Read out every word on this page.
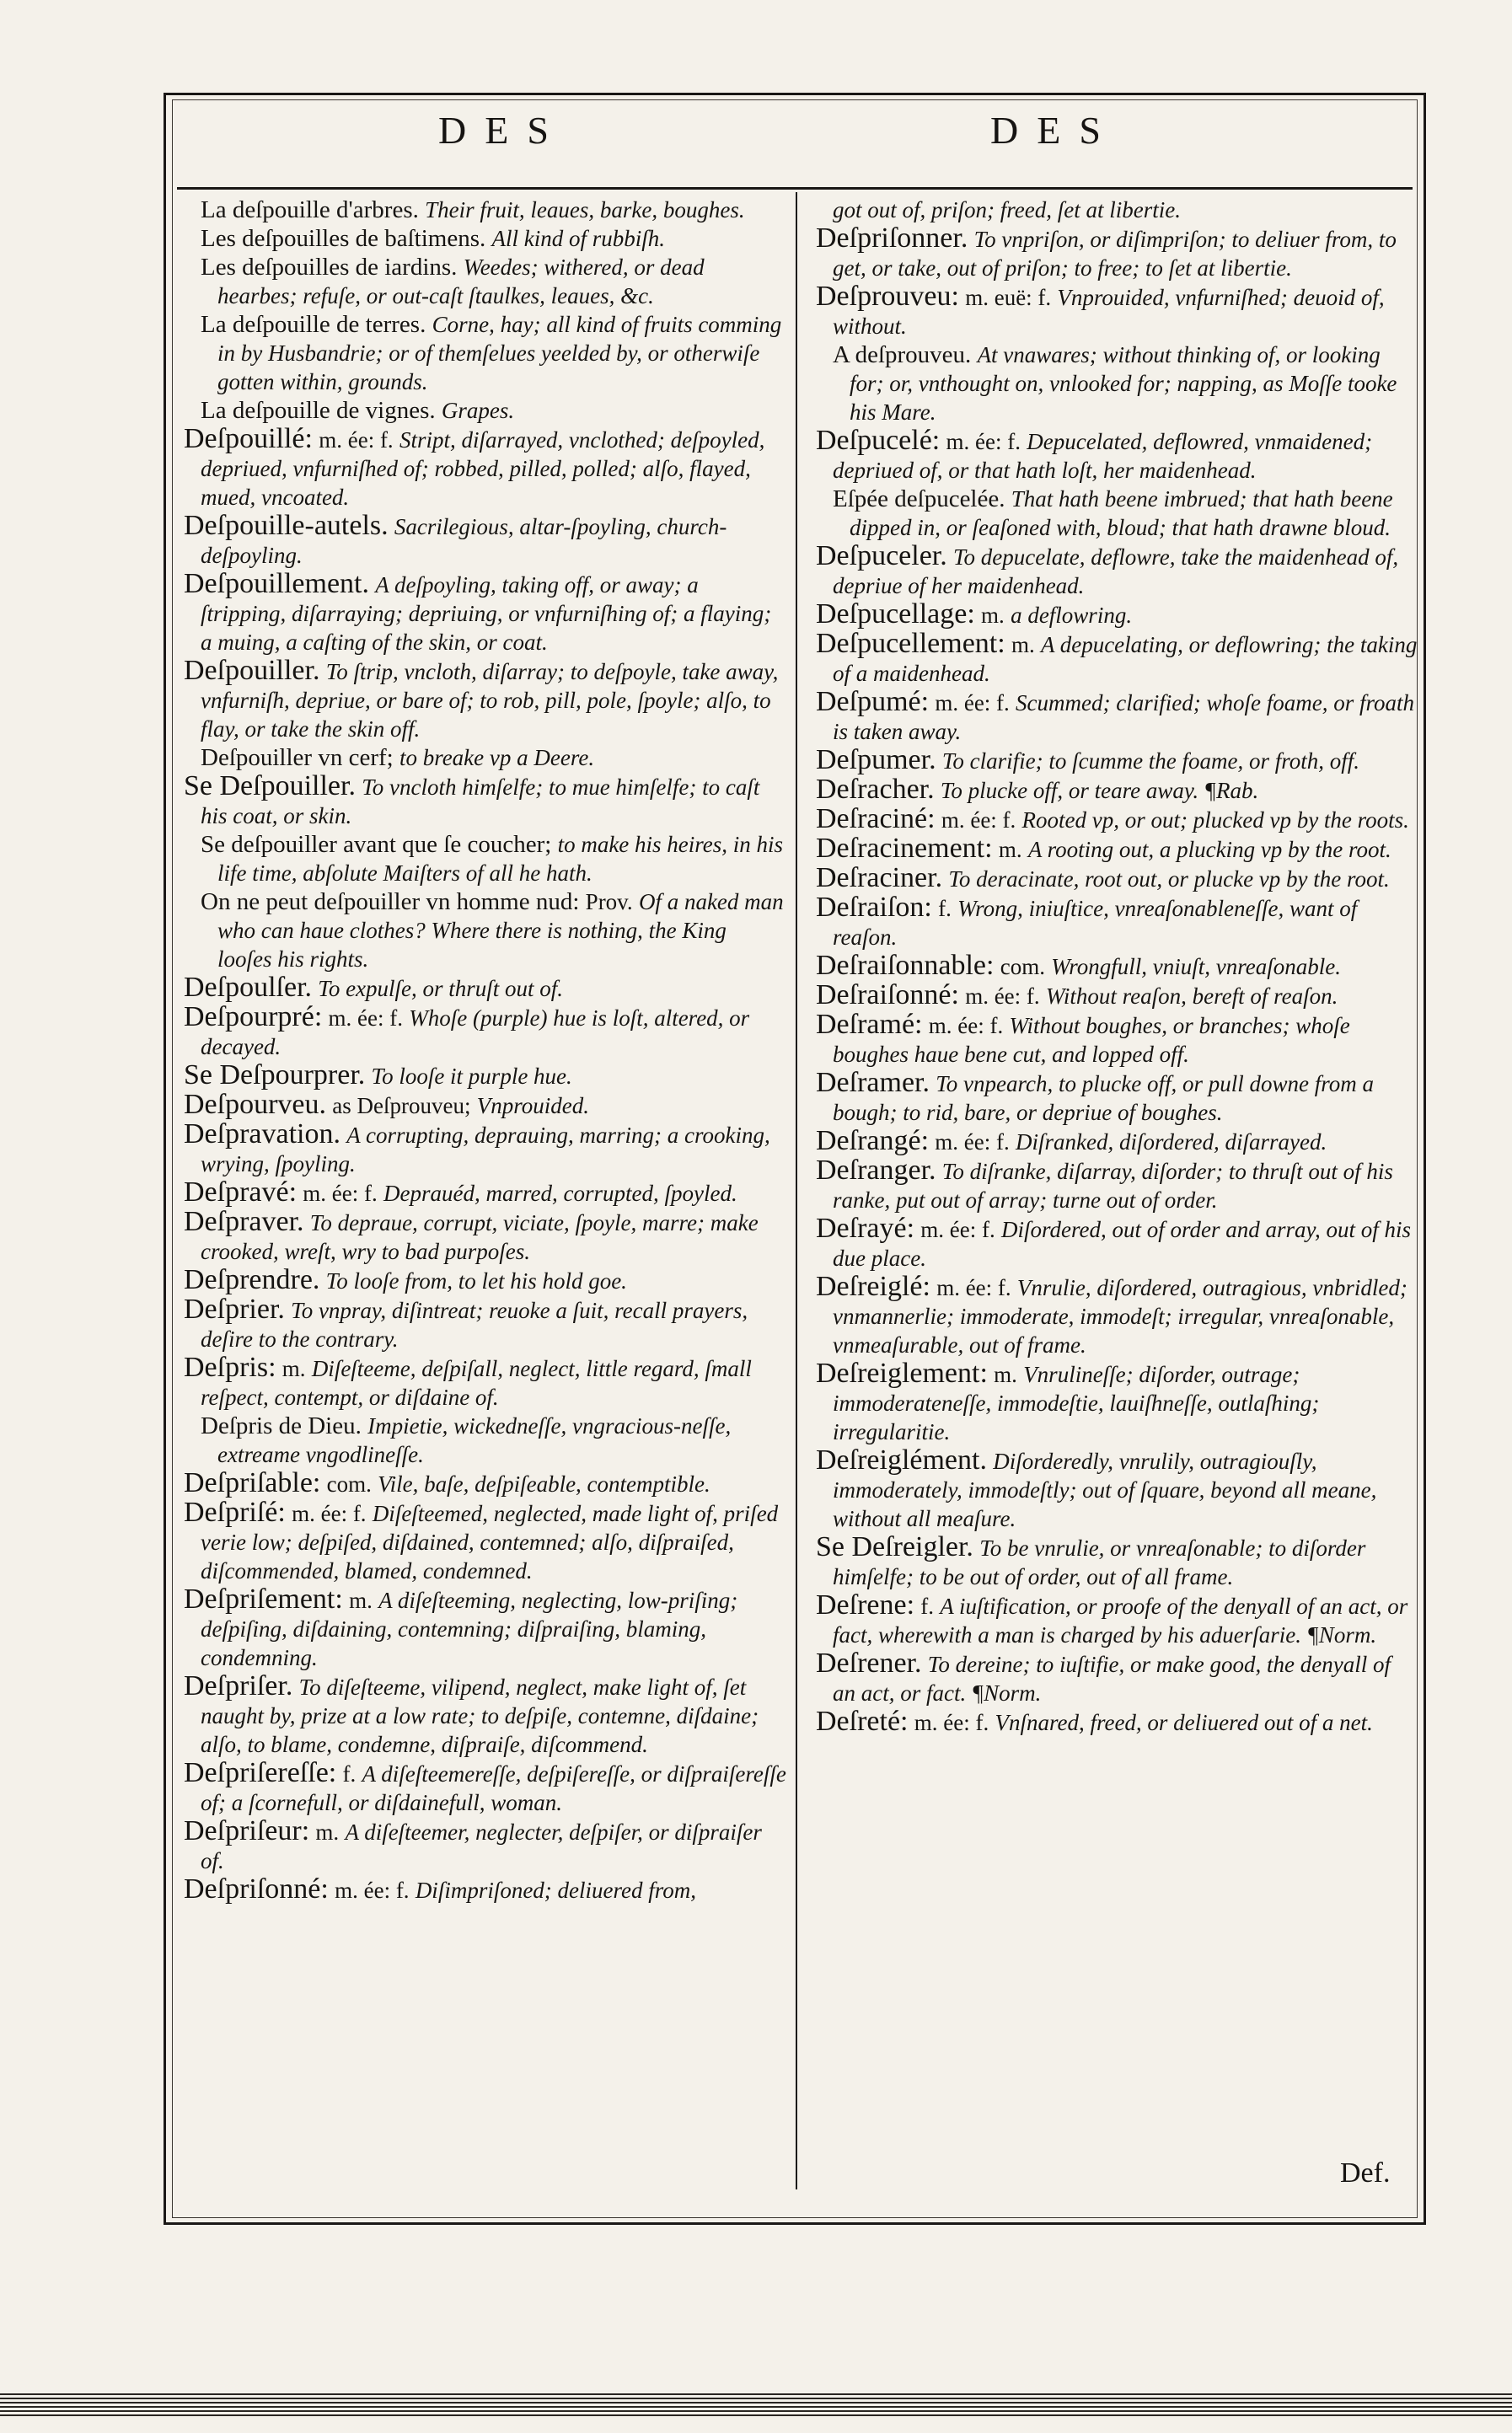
DES	DES

La deſpouille d'arbres. Their fruit, leaues, barke, boughes.

Les deſpouilles de baſtimens. All kind of rubbiſh.

Les deſpouilles de iardins. Weedes; withered, or dead hearbes; refuſe, or out-caſt ſtaulkes, leaues, &c.

La deſpouille de terres. Corne, hay; all kind of fruits comming in by Husbandrie; or of themſelues yeelded by, or otherwiſe gotten within, grounds.

La deſpouille de vignes. Grapes.

Deſpouillé: m. ée: f. Stript, diſarrayed, vnclothed; deſpoyled, depriued, vnfurniſhed of; robbed, pilled, polled; alſo, flayed, mued, vncoated.

Deſpouille-autels. Sacrilegious, altar-ſpoyling, church-deſpoyling.

Deſpouillement. A deſpoyling, taking off, or away; a ſtripping, diſarraying; depriuing, or vnfurniſhing of; a flaying; a muing, a caſting of the skin, or coat.

Deſpouiller. To ſtrip, vncloth, diſarray; to deſpoyle, take away, vnfurniſh, depriue, or bare of; to rob, pill, pole, ſpoyle; alſo, to flay, or take the skin off.

Deſpouiller vn cerf; to breake vp a Deere.

Se Deſpouiller. To vncloth himſelfe; to mue himſelfe; to caſt his coat, or skin.

Se deſpouiller avant que ſe coucher; to make his heires, in his life time, abſolute Maiſters of all he hath.

On ne peut deſpouiller vn homme nud: Prov. Of a naked man who can haue clothes? Where there is nothing, the King looſes his rights.

Deſpoulſer. To expulſe, or thruſt out of.

Deſpourpré: m. ée: f. Whoſe (purple) hue is loſt, altered, or decayed.

Se Deſpourprer. To looſe it purple hue.

Deſpourveu. as Deſprouveu; Vnprouided.

Deſpravation. A corrupting, deprauing, marring; a crooking, wrying, ſpoyling.

Deſpravé: m. ée: f. Deprauéd, marred, corrupted, ſpoyled.

Deſpraver. To depraue, corrupt, viciate, ſpoyle, marre; make crooked, wreſt, wry to bad purpoſes.

Deſprendre. To looſe from, to let his hold goe.

Deſprier. To vnpray, diſintreat; reuoke a ſuit, recall prayers, deſire to the contrary.

Deſpris: m. Diſeſteeme, deſpiſall, neglect, little regard, ſmall reſpect, contempt, or diſdaine of.

Deſpris de Dieu. Impietie, wickedneſſe, vngracious-neſſe, extreame vngodlineſſe.

Deſpriſable: com. Vile, baſe, deſpiſeable, contemptible.

Deſpriſé: m. ée: f. Diſeſteemed, neglected, made light of, priſed verie low; deſpiſed, diſdained, contemned; alſo, diſpraiſed, diſcommended, blamed, condemned.

Deſpriſement: m. A diſeſteeming, neglecting, low-priſing; deſpiſing, diſdaining, contemning; diſpraiſing, blaming, condemning.

Deſpriſer. To diſeſteeme, vilipend, neglect, make light of, ſet naught by, prize at a low rate; to deſpiſe, contemne, diſdaine; alſo, to blame, condemne, diſpraiſe, diſcommend.

Deſpriſereſſe: f. A diſeſteemereſſe, deſpiſereſſe, or diſpraiſereſſe of; a ſcornefull, or diſdainefull, woman.

Deſpriſeur: m. A diſeſteemer, neglecter, deſpiſer, or diſpraiſer of.

Deſpriſonné: m. ée: f. Diſimpriſoned; deliuered from,

got out of, priſon; freed, ſet at libertie.

Deſpriſonner. To vnpriſon, or diſimpriſon; to deliuer from, to get, or take, out of priſon; to free; to ſet at libertie.

Deſprouveu: m. euë: f. Vnprouided, vnfurniſhed; deuoid of, without.

A deſprouveu. At vnawares; without thinking of, or looking for; or, vnthought on, vnlooked for; napping, as Moſſe tooke his Mare.

Deſpucelé: m. ée: f. Depucelated, deflowred, vnmaidened; depriued of, or that hath loſt, her maidenhead.

Eſpée deſpucelée. That hath beene imbrued; that hath beene dipped in, or ſeaſoned with, bloud; that hath drawne bloud.

Deſpuceler. To depucelate, deflowre, take the maidenhead of, depriue of her maidenhead.

Deſpucellage: m. a deflowring.

Deſpucellement: m. A depucelating, or deflowring; the taking of a maidenhead.

Deſpumé: m. ée: f. Scummed; clarified; whoſe foame, or froath is taken away.

Deſpumer. To clarifie; to ſcumme the foame, or froth, off.

Deſracher. To plucke off, or teare away. ¶Rab.

Deſraciné: m. ée: f. Rooted vp, or out; plucked vp by the roots.

Deſracinement: m. A rooting out, a plucking vp by the root.

Deſraciner. To deracinate, root out, or plucke vp by the root.

Deſraiſon: f. Wrong, iniuſtice, vnreaſonableneſſe, want of reaſon.

Deſraiſonnable: com. Wrongfull, vniuſt, vnreaſonable.

Deſraiſonné: m. ée: f. Without reaſon, bereft of reaſon.

Deſramé: m. ée: f. Without boughes, or branches; whoſe boughes haue bene cut, and lopped off.

Deſramer. To vnpearch, to plucke off, or pull downe from a bough; to rid, bare, or depriue of boughes.

Deſrangé: m. ée: f. Diſranked, diſordered, diſarrayed.

Deſranger. To diſranke, diſarray, diſorder; to thruſt out of his ranke, put out of array; turne out of order.

Deſrayé: m. ée: f. Diſordered, out of order and array, out of his due place.

Deſreiglé: m. ée: f. Vnrulie, diſordered, outragious, vnbridled; vnmannerlie; immoderate, immodeſt; irregular, vnreaſonable, vnmeaſurable, out of frame.

Deſreiglement: m. Vnrulineſſe; diſorder, outrage; immoderateneſſe, immodeſtie, lauiſhneſſe, outlaſhing; irregularitie.

Deſreiglément. Diſorderedly, vnrulily, outragiouſly, immoderately, immodeſtly; out of ſquare, beyond all meane, without all meaſure.

Se Deſreigler. To be vnrulie, or vnreaſonable; to diſorder himſelfe; to be out of order, out of all frame.

Deſrene: f. A iuſtification, or proofe of the denyall of an act, or fact, wherewith a man is charged by his aduerſarie. ¶Norm.

Deſrener. To dereine; to iuſtifie, or make good, the denyall of an act, or fact. ¶Norm.

Deſreté: m. ée: f. Vnſnared, freed, or deliuered out of a net.

Def.
